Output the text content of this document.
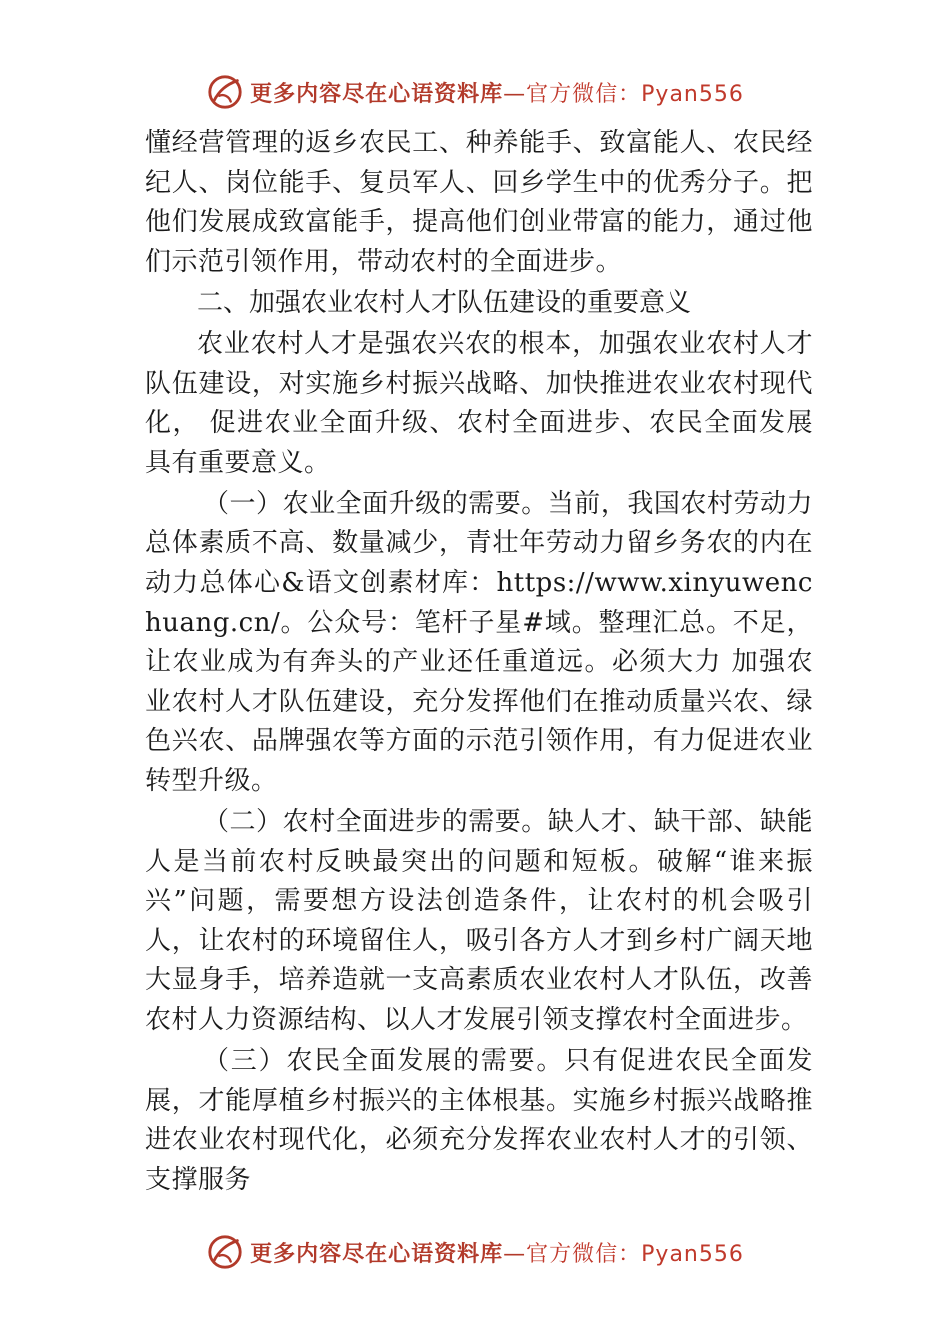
更多内容尽在心语资料库—官方微信：Pyan556

懂经营管理的返乡农民工、种养能手、致富能人、农民经纪人、岗位能手、复员军人、回乡学生中的优秀分子。把他们发展成致富能手，提高他们创业带富的能力，通过他们示范引领作用，带动农村的全面进步。

二、加强农业农村人才队伍建设的重要意义

农业农村人才是强农兴农的根本，加强农业农村人才队伍建设，对实施乡村振兴战略、加快推进农业农村现代化， 促进农业全面升级、农村全面进步、农民全面发展具有重要意义。

（一）农业全面升级的需要。当前，我国农村劳动力总体素质不高、数量减少，青壮年劳动力留乡务农的内在动力总体心&语文创素材库：https://www.xinyuwenchuang.cn/。公众号：笔杆子星#域。整理汇总。不足，让农业成为有奔头的产业还任重道远。必须大力 加强农业农村人才队伍建设，充分发挥他们在推动质量兴农、绿色兴农、品牌强农等方面的示范引领作用，有力促进农业 转型升级。

（二）农村全面进步的需要。缺人才、缺干部、缺能人是当前农村反映最突出的问题和短板。破解“谁来振兴”问题，需要想方设法创造条件，让农村的机会吸引人，让农村的环境留住人，吸引各方人才到乡村广阔天地大显身手，培养造就一支高素质农业农村人才队伍，改善农村人力资源结构、以人才发展引领支撑农村全面进步。

（三）农民全面发展的需要。只有促进农民全面发展，才能厚植乡村振兴的主体根基。实施乡村振兴战略推进农业农村现代化，必须充分发挥农业农村人才的引领、支撑服务

更多内容尽在心语资料库—官方微信：Pyan556
